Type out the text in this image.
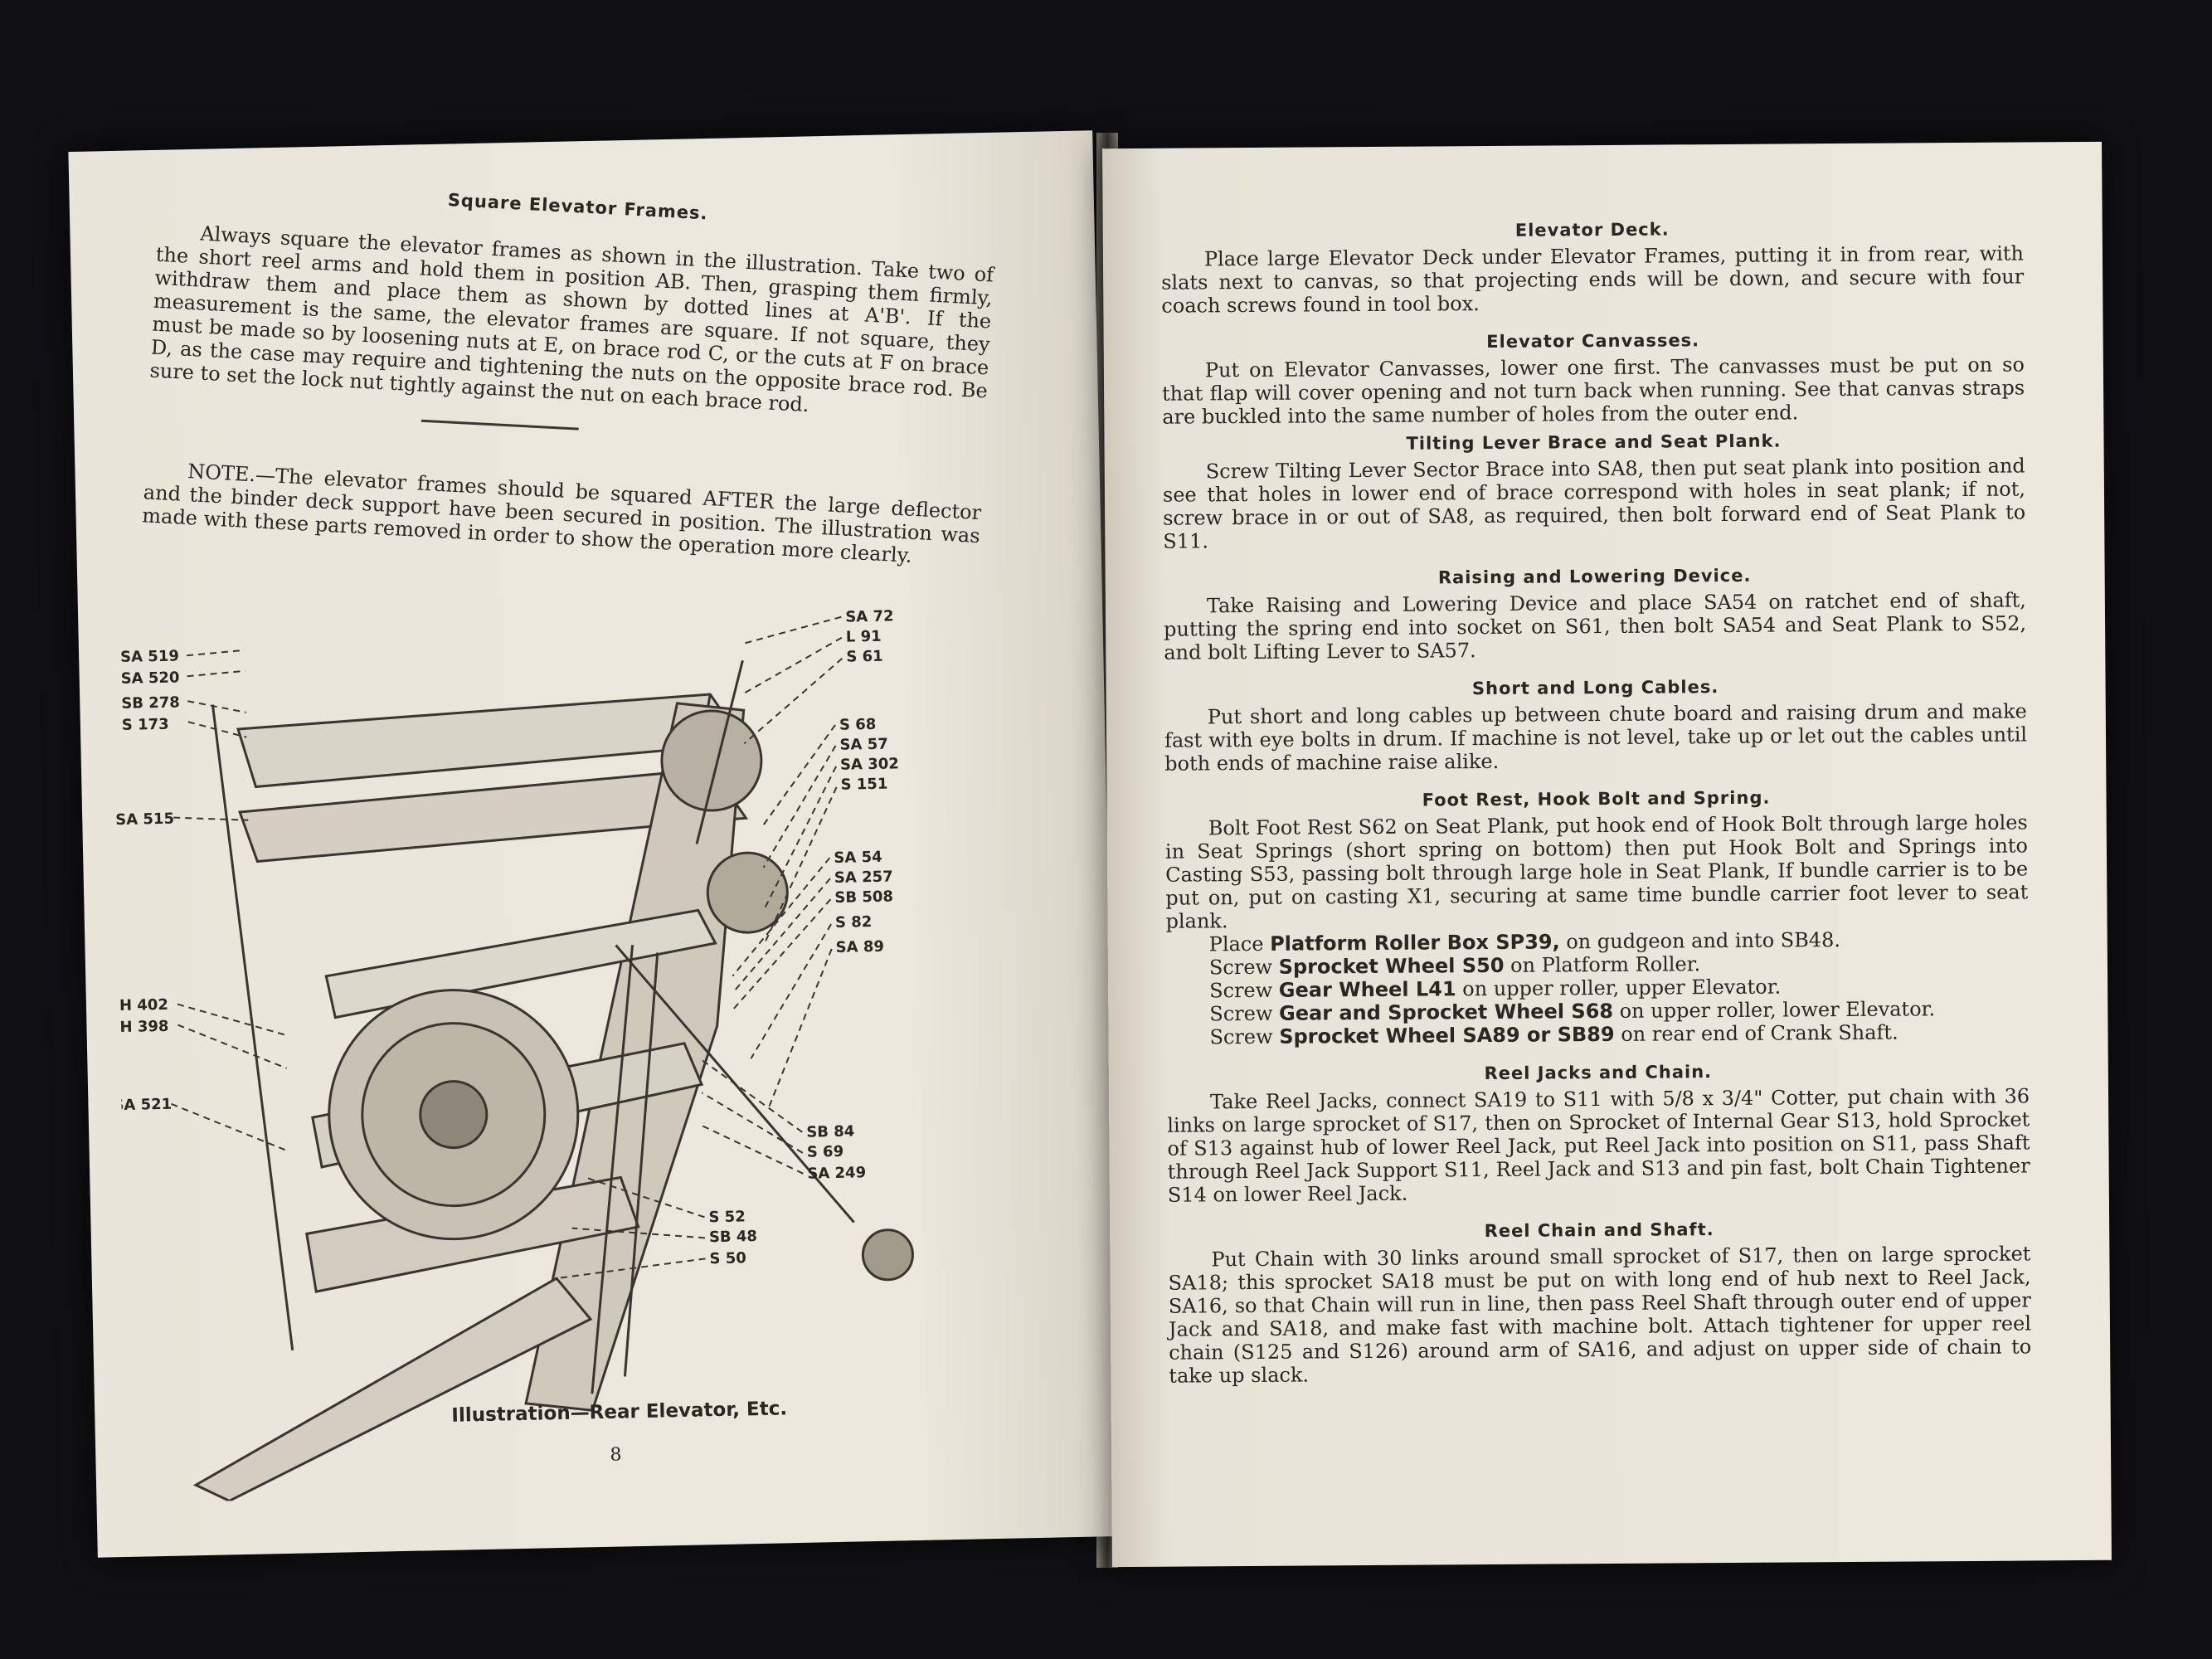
Square Elevator Frames.

Always square the elevator frames as shown in the illustration. Take two of the short reel arms and hold them in position AB. Then, grasping them firmly, withdraw them and place them as shown by dotted lines at A'B'. If the measurement is the same, the elevator frames are square. If not square, they must be made so by loosening nuts at E, on brace rod C, or the cuts at F on brace D, as the case may require and tightening the nuts on the opposite brace rod. Be sure to set the lock nut tightly against the nut on each brace rod.

NOTE.—The elevator frames should be squared AFTER the large deflector and the binder deck support have been secured in position. The illustration was made with these parts removed in order to show the operation more clearly.

SA 519
SA 520
SB 278
S 173
SA 515
H 402
H 398
SA 521
SA 72
L 91
S 61
S 68
SA 57
SA 302
S 151
SA 54
SA 257
SB 508
S 82
SA 89
SB 84
S 69
SA 249
S 52
SB 48
S 50
Illustration—Rear Elevator, Etc.
8

Elevator Deck.

Place large Elevator Deck under Elevator Frames, putting it in from rear, with slats next to canvas, so that projecting ends will be down, and secure with four coach screws found in tool box.

Elevator Canvasses.

Put on Elevator Canvasses, lower one first. The canvasses must be put on so that flap will cover opening and not turn back when running. See that canvas straps are buckled into the same number of holes from the outer end.

Tilting Lever Brace and Seat Plank.

Screw Tilting Lever Sector Brace into SA8, then put seat plank into position and see that holes in lower end of brace correspond with holes in seat plank; if not, screw brace in or out of SA8, as required, then bolt forward end of Seat Plank to S11.

Raising and Lowering Device.

Take Raising and Lowering Device and place SA54 on ratchet end of shaft, putting the spring end into socket on S61, then bolt SA54 and Seat Plank to S52, and bolt Lifting Lever to SA57.

Short and Long Cables.

Put short and long cables up between chute board and raising drum and make fast with eye bolts in drum. If machine is not level, take up or let out the cables until both ends of machine raise alike.

Foot Rest, Hook Bolt and Spring.

Bolt Foot Rest S62 on Seat Plank, put hook end of Hook Bolt through large holes in Seat Springs (short spring on bottom) then put Hook Bolt and Springs into Casting S53, passing bolt through large hole in Seat Plank, If bundle carrier is to be put on, put on casting X1, securing at same time bundle carrier foot lever to seat plank.

Place Platform Roller Box SP39, on gudgeon and into SB48.
Screw Sprocket Wheel S50 on Platform Roller.
Screw Gear Wheel L41 on upper roller, upper Elevator.
Screw Gear and Sprocket Wheel S68 on upper roller, lower Elevator.
Screw Sprocket Wheel SA89 or SB89 on rear end of Crank Shaft.

Reel Jacks and Chain.

Take Reel Jacks, connect SA19 to S11 with 5/8 x 3/4" Cotter, put chain with 36 links on large sprocket of S17, then on Sprocket of Internal Gear S13, hold Sprocket of S13 against hub of lower Reel Jack, put Reel Jack into position on S11, pass Shaft through Reel Jack Support S11, Reel Jack and S13 and pin fast, bolt Chain Tightener S14 on lower Reel Jack.

Reel Chain and Shaft.

Put Chain with 30 links around small sprocket of S17, then on large sprocket SA18; this sprocket SA18 must be put on with long end of hub next to Reel Jack, SA16, so that Chain will run in line, then pass Reel Shaft through outer end of upper Jack and SA18, and make fast with machine bolt. Attach tightener for upper reel chain (S125 and S126) around arm of SA16, and adjust on upper side of chain to take up slack.
